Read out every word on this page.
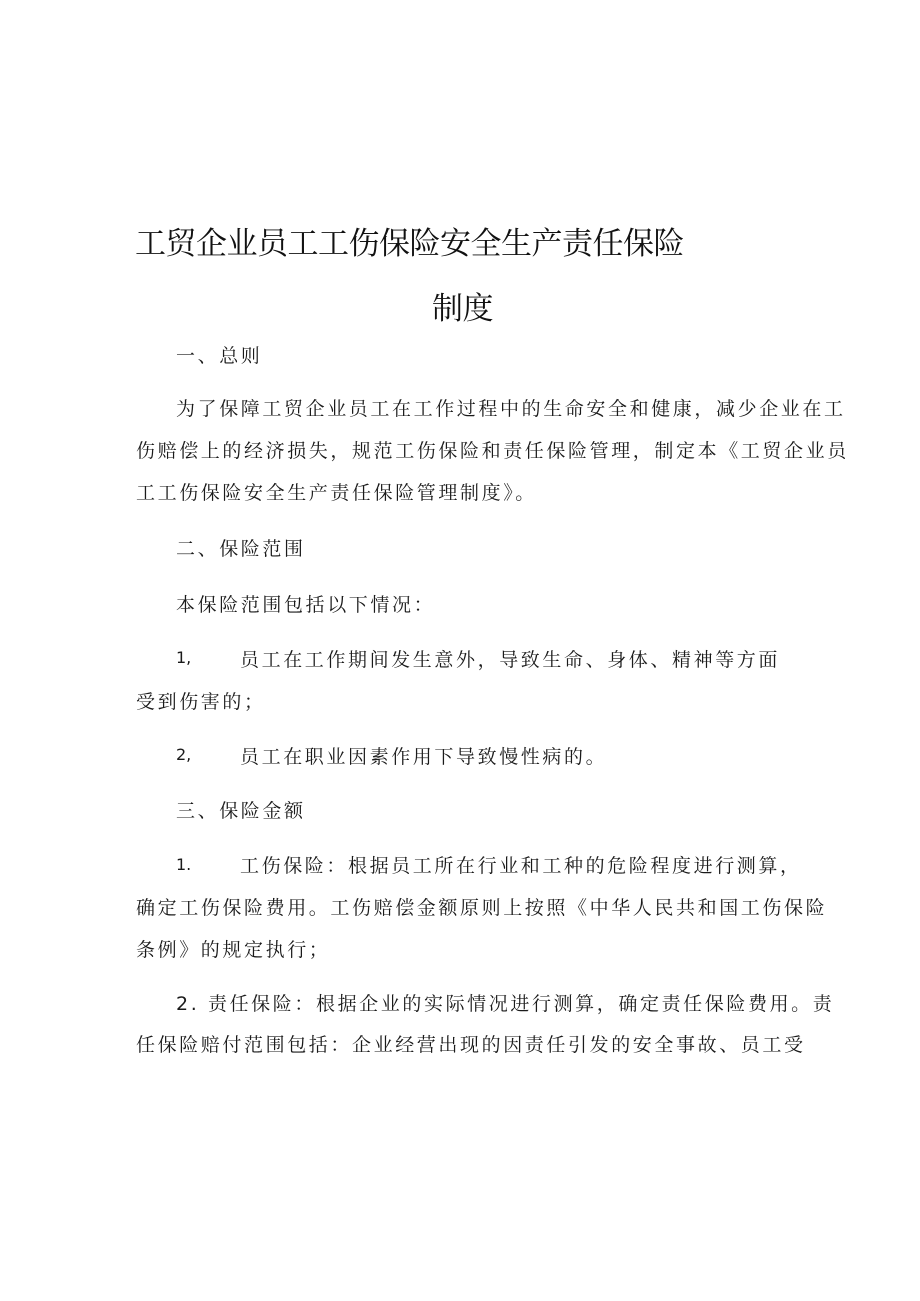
工贸企业员工工伤保险安全生产责任保险
制度
一、总则
为了保障工贸企业员工在工作过程中的生命安全和健康，减少企业在工
伤赔偿上的经济损失，规范工伤保险和责任保险管理，制定本《工贸企业员
工工伤保险安全生产责任保险管理制度》。
二、保险范围
本保险范围包括以下情况：
1,	员工在工作期间发生意外，导致生命、身体、精神等方面
受到伤害的；
2,	员工在职业因素作用下导致慢性病的。
三、保险金额
1.	工伤保险：根据员工所在行业和工种的危险程度进行测算，
确定工伤保险费用。工伤赔偿金额原则上按照《中华人民共和国工伤保险
条例》的规定执行；
2. 责任保险：根据企业的实际情况进行测算，确定责任保险费用。责
任保险赔付范围包括：企业经营出现的因责任引发的安全事故、员工受
